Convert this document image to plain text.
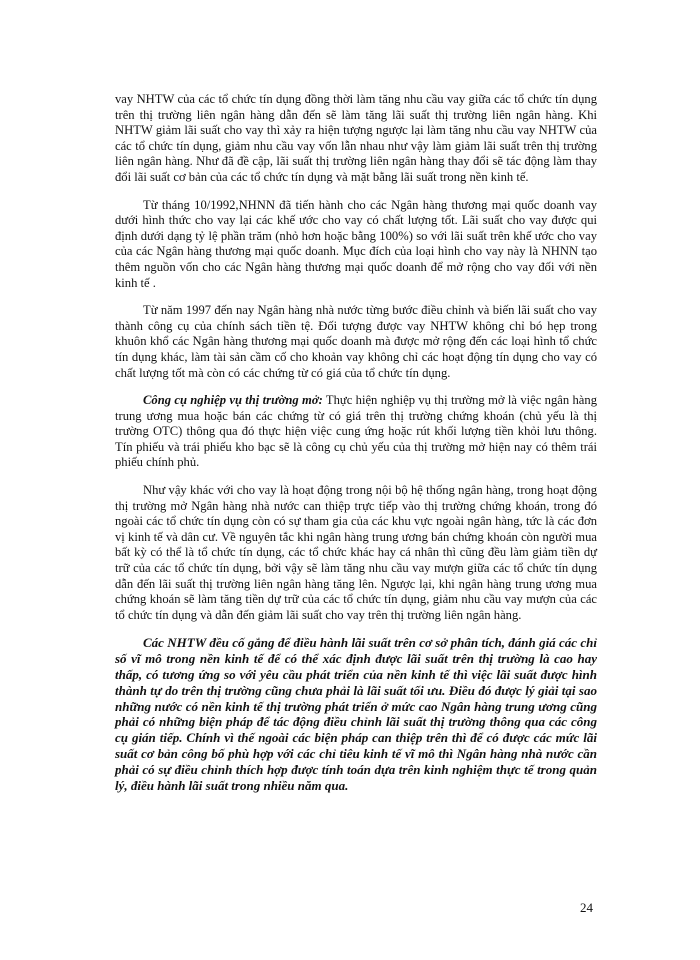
vay NHTW của các tổ chức tín dụng đồng thời làm tăng nhu cầu vay giữa các tổ chức tín dụng trên thị trường liên ngân hàng dẫn đến sẽ làm tăng lãi suất thị trường liên ngân hàng. Khi NHTW giảm lãi suất cho vay thì xảy ra hiện tượng ngược lại làm tăng nhu cầu vay NHTW của các tổ chức tín dụng, giảm nhu cầu vay vốn lẫn nhau như vậy làm giảm lãi suất trên thị trường liên ngân hàng. Như đã đề cập, lãi suất thị trường liên ngân hàng thay đổi sẽ tác động làm thay đổi lãi suất cơ bản của các tổ chức tín dụng và mặt bằng lãi suất trong nền kinh tế.

Từ tháng 10/1992,NHNN đã tiến hành cho các Ngân hàng thương mại quốc doanh vay dưới hình thức cho vay lại các khế ước cho vay có chất lượng tốt. Lãi suất cho vay được qui định dưới dạng tỷ lệ phần trăm (nhỏ hơn hoặc bằng 100%) so với lãi suất trên khế ước cho vay của các Ngân hàng thương mại quốc doanh. Mục đích của loại hình cho vay này là NHNN tạo thêm nguồn vốn cho các Ngân hàng thương mại quốc doanh để mở rộng cho vay đối với nền kinh tế .

Từ năm 1997 đến nay Ngân hàng nhà nước từng bước điều chỉnh và biến lãi suất cho vay thành công cụ của chính sách tiền tệ. Đối tượng được vay NHTW không chỉ bó hẹp trong khuôn khổ các Ngân hàng thương mại quốc doanh mà được mở rộng đến các loại hình tổ chức tín dụng khác, làm tài sản cầm cố cho khoản vay không chỉ các hoạt động tín dụng cho vay có chất lượng tốt mà còn có các chứng từ có giá của tổ chức tín dụng.

Công cụ nghiệp vụ thị trường mở: Thực hiện nghiệp vụ thị trường mở là việc ngân hàng trung ương mua hoặc bán các chứng từ có giá trên thị trường chứng khoán (chủ yếu là thị trường OTC) thông qua đó thực hiện việc cung ứng hoặc rút khối lượng tiền khỏi lưu thông. Tín phiếu và trái phiếu kho bạc sẽ là công cụ chủ yếu của thị trường mở hiện nay có thêm trái phiếu chính phủ.

Như vậy khác với cho vay là hoạt động trong nội bộ hệ thống ngân hàng, trong hoạt động thị trường mở Ngân hàng nhà nước can thiệp trực tiếp vào thị trường chứng khoán, trong đó ngoài các tổ chức tín dụng còn có sự tham gia của các khu vực ngoài ngân hàng, tức là các đơn vị kinh tế và dân cư. Về nguyên tắc khi ngân hàng trung ương bán chứng khoán còn người mua bất kỳ có thể là tổ chức tín dụng, các tổ chức khác hay cá nhân thì cũng đều làm giảm tiền dự trữ của các tổ chức tín dụng, bởi vậy sẽ làm tăng nhu cầu vay mượn giữa các tổ chức tín dụng dẫn đến lãi suất thị trường liên ngân hàng tăng lên. Ngược lại, khi ngân hàng trung ương mua chứng khoán sẽ làm tăng tiền dự trữ của các tổ chức tín dụng, giảm nhu cầu vay mượn của các tổ chức tín dụng và dẫn đến giảm lãi suất cho vay trên thị trường liên ngân hàng.

Các NHTW đều cố gắng để điều hành lãi suất trên cơ sở phân tích, đánh giá các chỉ số vĩ mô trong nền kinh tế để có thể xác định được lãi suất trên thị trường là cao hay thấp, có tương ứng so với yêu cầu phát triển của nền kinh tế thì việc lãi suất được hình thành tự do trên thị trường cũng chưa phải là lãi suất tối ưu. Điều đó được lý giải tại sao những nước có nền kinh tế thị trường phát triển ở mức cao Ngân hàng trung ương cũng phải có những biện pháp để tác động điều chỉnh lãi suất thị trường thông qua các công cụ gián tiếp. Chính vì thế ngoài các biện pháp can thiệp trên thì để có được các mức lãi suất cơ bản công bố phù hợp với các chỉ tiêu kinh tế vĩ mô thì Ngân hàng nhà nước cần phải có sự điều chỉnh thích hợp được tính toán dựa trên kinh nghiệm thực tế trong quản lý, điều hành lãi suất trong nhiều năm qua.

24
